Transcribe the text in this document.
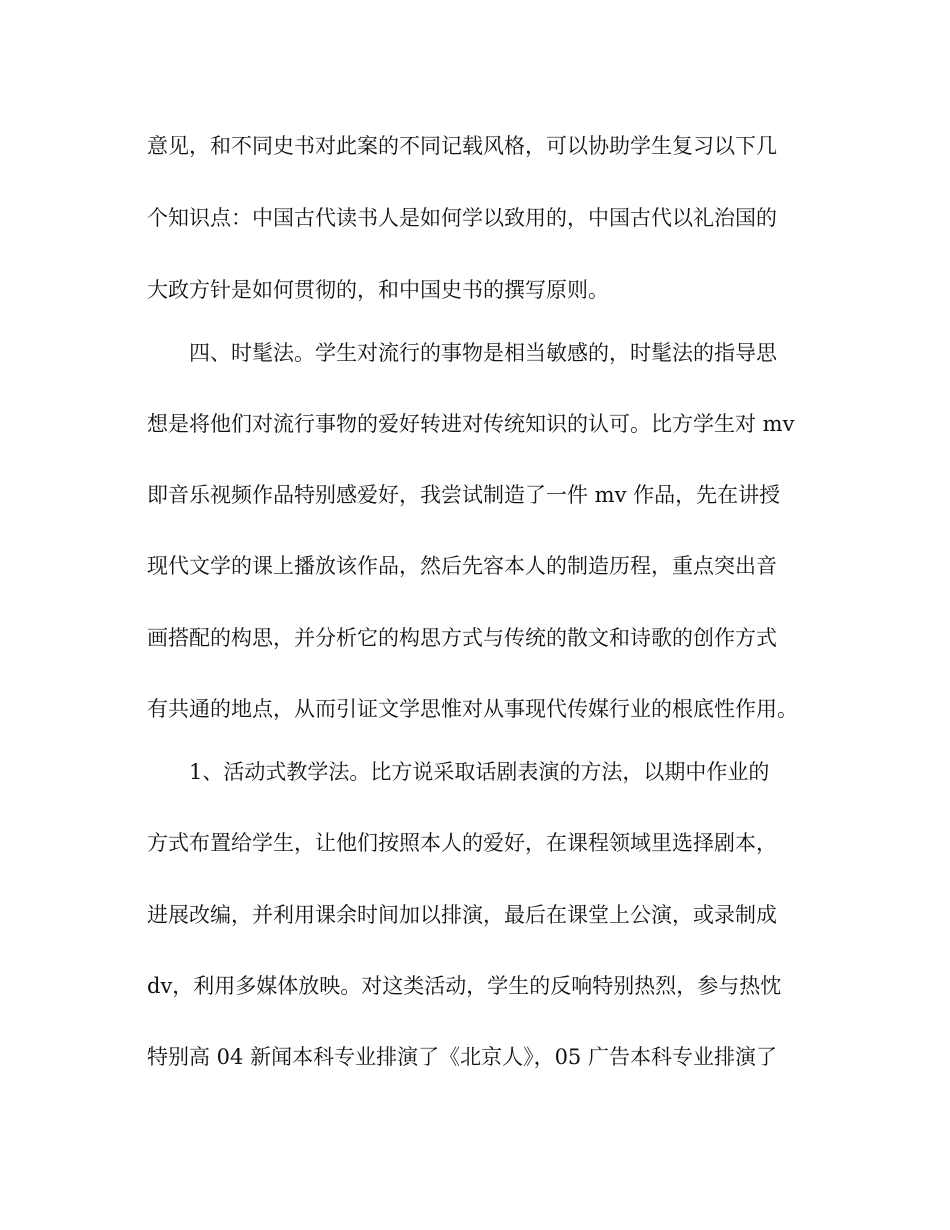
意见，和不同史书对此案的不同记载风格，可以协助学生复习以下几
个知识点：中国古代读书人是如何学以致用的，中国古代以礼治国的
大政方针是如何贯彻的，和中国史书的撰写原则。
四、时髦法。学生对流行的事物是相当敏感的，时髦法的指导思
想是将他们对流行事物的爱好转进对传统知识的认可。比方学生对 mv
即音乐视频作品特别感爱好，我尝试制造了一件 mv 作品，先在讲授
现代文学的课上播放该作品，然后先容本人的制造历程，重点突出音
画搭配的构思，并分析它的构思方式与传统的散文和诗歌的创作方式
有共通的地点，从而引证文学思惟对从事现代传媒行业的根底性作用。
1、活动式教学法。比方说采取话剧表演的方法，以期中作业的
方式布置给学生，让他们按照本人的爱好，在课程领域里选择剧本，
进展改编，并利用课余时间加以排演，最后在课堂上公演，或录制成
dv，利用多媒体放映。对这类活动，学生的反响特别热烈，参与热忱
特别高 04 新闻本科专业排演了《北京人》，05 广告本科专业排演了
